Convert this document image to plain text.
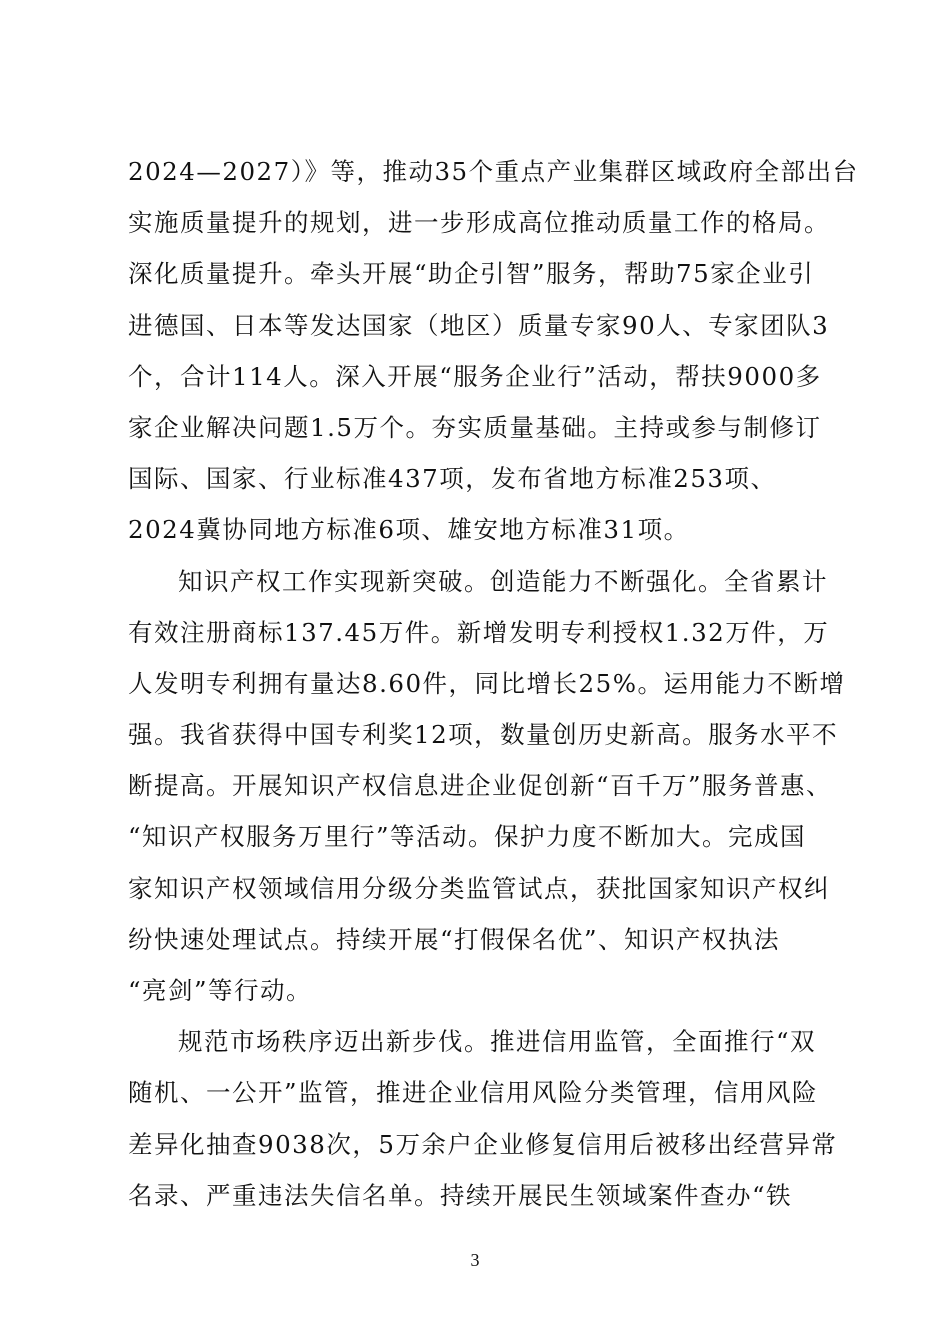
2024—2027）》等，推动35个重点产业集群区域政府全部出台
实施质量提升的规划，进一步形成高位推动质量工作的格局。
深化质量提升。牵头开展“助企引智”服务，帮助75家企业引
进德国、日本等发达国家（地区）质量专家90人、专家团队3
个，合计114人。深入开展“服务企业行”活动，帮扶9000多
家企业解决问题1.5万个。夯实质量基础。主持或参与制修订
国际、国家、行业标准437项，发布省地方标准253项、
2024冀协同地方标准6项、雄安地方标准31项。
知识产权工作实现新突破。创造能力不断强化。全省累计
有效注册商标137.45万件。新增发明专利授权1.32万件，万
人发明专利拥有量达8.60件，同比增长25%。运用能力不断增
强。我省获得中国专利奖12项，数量创历史新高。服务水平不
断提高。开展知识产权信息进企业促创新“百千万”服务普惠、
“知识产权服务万里行”等活动。保护力度不断加大。完成国
家知识产权领域信用分级分类监管试点，获批国家知识产权纠
纷快速处理试点。持续开展“打假保名优”、知识产权执法
“亮剑”等行动。
规范市场秩序迈出新步伐。推进信用监管，全面推行“双
随机、一公开”监管，推进企业信用风险分类管理，信用风险
差异化抽查9038次，5万余户企业修复信用后被移出经营异常
名录、严重违法失信名单。持续开展民生领域案件查办“铁
3
